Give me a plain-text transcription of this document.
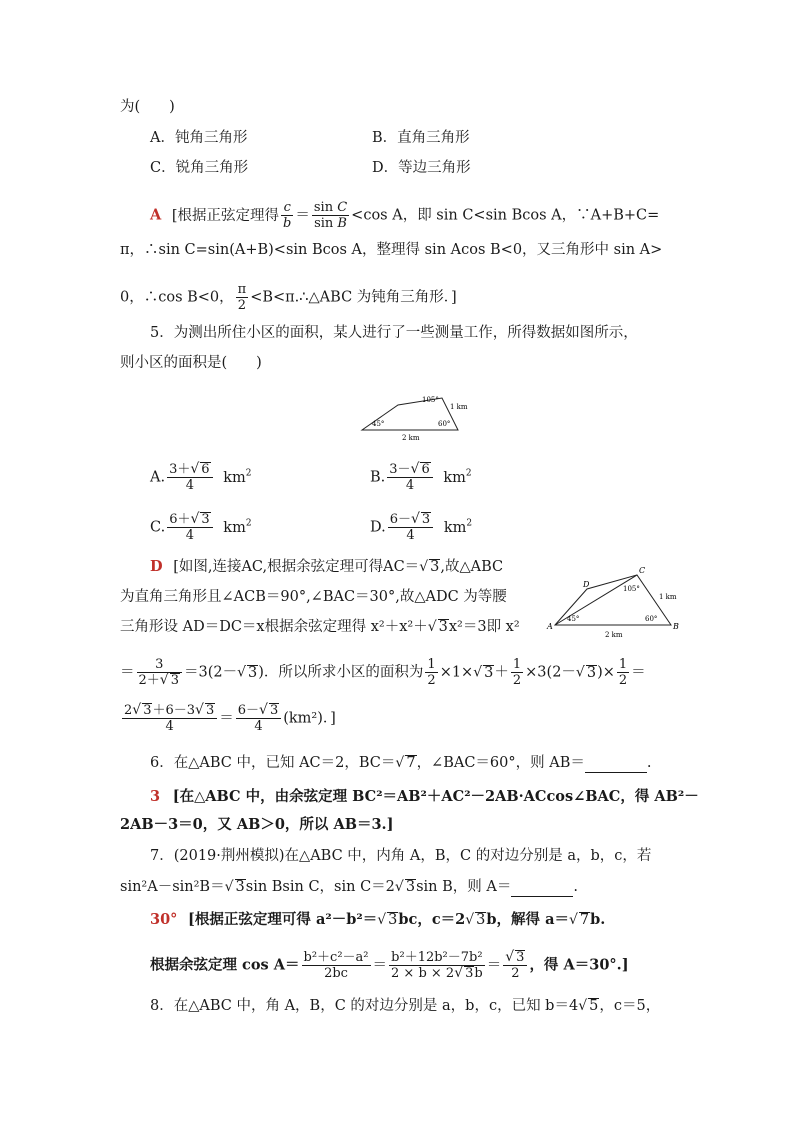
为(　　)
A．钝角三角形	B．直角三角形
C．锐角三角形	D．等边三角形
A [根据正弦定理得 $\frac{c}{b} = \frac{\text{sin C}}{\text{sin B}} <\cos$ A，即 sin C<sin Bcos A，∵A+B+C=
π，∴sin C=sin(A+B)<sin Bcos A，整理得 sin Acos B<0，又三角形中 sin A>
0，∴cos B<0， $\frac{\pi}{2}$ <B<π.∴△ABC 为钝角三角形．]
5．为测出所住小区的面积，某人进行了一些测量工作，所得数据如图所示，
则小区的面积是(　　)
105°
45°	60°
1 km
2 km
A. $\frac{3+√ 6}{4} km^2$	B. $\frac{3-√ 6}{4} km^2$
C. $\frac{6+√ 3}{4} km^2$	D. $\frac{6-√ 3}{4} km^2$
D [如图,连接AC,根据余弦定理可得AC＝√ 3,故△ABC
为直角三角形且∠ACB＝90°,∠BAC＝30°,故△ADC 为等腰
三角形设 AD＝DC＝x根据余弦定理得 x²＋x²＋√ 3x²＝3即 x²
C
D
A	B
105°
45°	60°
1 km
2 km
＝ $\frac{3}{2+√ 3} =3(2-√$ 3)．所以所求小区的面积为 $\frac{1}{2} \times 1\times√$ $3+ \frac{1}{2} \times 3(2-√$ $3)\times \frac{1}{2}$ ＝
$\frac{2√ 3+6-3√ 3}{4} = \frac{6-√ 3}{4} (km^2)$．]
6．在△ABC 中，已知 AC＝2，BC＝√ 7，∠BAC＝60°，则 AB＝	.
3 [在△ABC 中，由余弦定理 BC²＝AB²＋AC²－2AB·ACcos∠BAC，得 AB²－
2AB－3＝0，又 AB＞0，所以 AB＝3.]
7．(2019·荆州模拟)在△ABC 中，内角 A，B，C 的对边分别是 a，b，c，若
sin²A－sin²B＝√ 3sin Bsin C，sin C＝2√ 3sin B，则 A＝	.
30° [根据正弦定理可得 a²－b²＝√ 3bc，c＝2√ 3b，解得 a＝√ 7b.
根据余弦定理 $\cos A= \frac{\text{b²＋c²－a²}}{2bc} = \frac{\text{b²＋12b²－7b²}}{2 \times b \times 2√ 3b} = \frac{√ 3}{2}$ ，得 A＝30°.]
8．在△ABC 中，角 A，B，C 的对边分别是 a，b，c，已知 b＝4√ 5，c＝5，
